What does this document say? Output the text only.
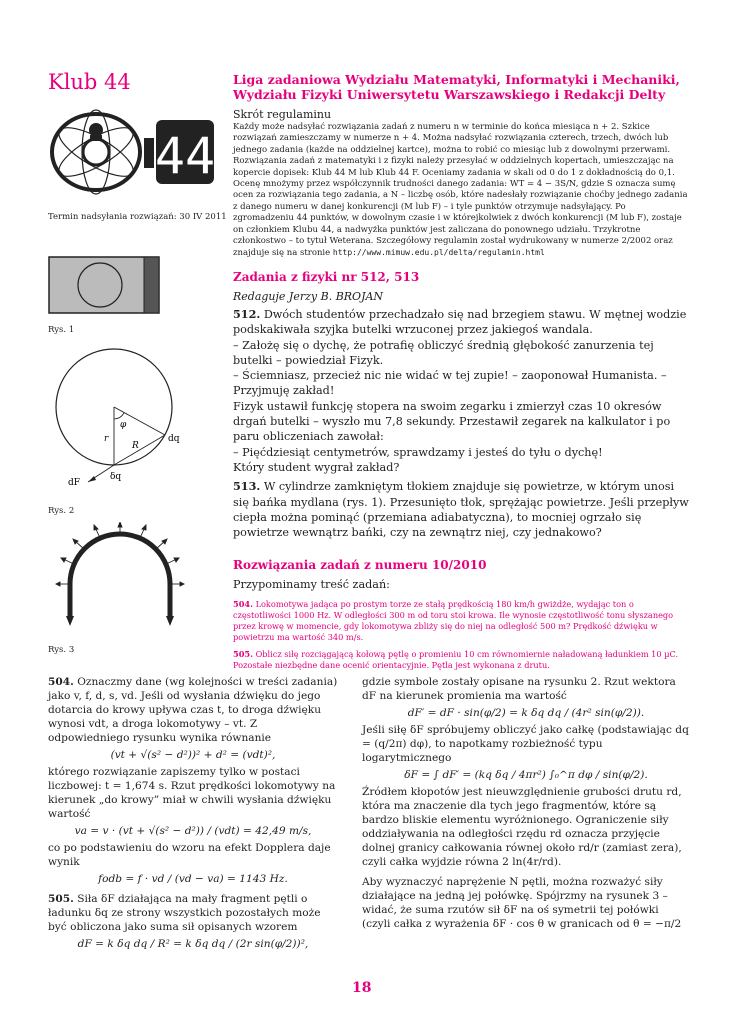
Klub 44
44
Termin nadsyłania rozwiązań: 30 IV 2011
Liga zadaniowa Wydziału Matematyki, Informatyki i Mechaniki,
Wydziału Fizyki Uniwersytetu Warszawskiego i Redakcji Delty
Skrót regulaminu
Każdy może nadsyłać rozwiązania zadań z numeru n w terminie do końca miesiąca n + 2. Szkice rozwiązań zamieszczamy w numerze n + 4. Można nadsyłać rozwiązania czterech, trzech, dwóch lub jednego zadania (każde na oddzielnej kartce), można to robić co miesiąc lub z dowolnymi przerwami. Rozwiązania zadań z matematyki i z fizyki należy przesyłać w oddzielnych kopertach, umieszczając na kopercie dopisek: Klub 44 M lub Klub 44 F. Oceniamy zadania w skali od 0 do 1 z dokładnością do 0,1. Ocenę mnożymy przez współczynnik trudności danego zadania: WT = 4 − 3S/N, gdzie S oznacza sumę ocen za rozwiązania tego zadania, a N – liczbę osób, które nadesłały rozwiązanie choćby jednego zadania z danego numeru w danej konkurencji (M lub F) – i tyle punktów otrzymuje nadsyłający. Po zgromadzeniu 44 punktów, w dowolnym czasie i w którejkolwiek z dwóch konkurencji (M lub F), zostaje on członkiem Klubu 44, a nadwyżka punktów jest zaliczana do ponownego udziału. Trzykrotne członkostwo – to tytuł Weterana. Szczegółowy regulamin został wydrukowany w numerze 2/2002 oraz znajduje się na stronie http://www.mimuw.edu.pl/delta/regulamin.html
Rys. 1
φ
r
R
dq
dF
δq
Rys. 2
Rys. 3
Zadania z fizyki nr 512, 513
Redaguje Jerzy B. BROJAN

512. Dwóch studentów przechadzało się nad brzegiem stawu. W mętnej wodzie podskakiwała szyjka butelki wrzuconej przez jakiegoś wandala.

– Założę się o dychę, że potrafię obliczyć średnią głębokość zanurzenia tej butelki – powiedział Fizyk.

– Ściemniasz, przecież nic nie widać w tej zupie! – zaoponował Humanista. – Przyjmuję zakład!

Fizyk ustawił funkcję stopera na swoim zegarku i zmierzył czas 10 okresów drgań butelki – wyszło mu 7,8 sekundy. Przestawił zegarek na kalkulator i po paru obliczeniach zawołał:

– Pięćdziesiąt centymetrów, sprawdzamy i jesteś do tyłu o dychę!

Który student wygrał zakład?

513. W cylindrze zamkniętym tłokiem znajduje się powietrze, w którym unosi się bańka mydlana (rys. 1). Przesunięto tłok, sprężając powietrze. Jeśli przepływ ciepła można pominąć (przemiana adiabatyczna), to mocniej ogrzało się powietrze wewnątrz bańki, czy na zewnątrz niej, czy jednakowo?

Rozwiązania zadań z numeru 10/2010
Przypominamy treść zadań:

504. Lokomotywa jadąca po prostym torze ze stałą prędkością 180 km/h gwiżdże, wydając ton o częstotliwości 1000 Hz. W odległości 300 m od toru stoi krowa. Ile wynosie częstotliwość tonu słyszanego przez krowę w momencie, gdy lokomotywa zbliży się do niej na odległość 500 m? Prędkość dźwięku w powietrzu ma wartość 340 m/s.

505. Oblicz siłę rozciągającą kołową pętlę o promieniu 10 cm równomiernie naładowaną ładunkiem 10 µC. Pozostałe niezbędne dane ocenić orientacyjnie. Pętla jest wykonana z drutu.

504. Oznaczmy dane (wg kolejności w treści zadania) jako v, f, d, s, vd. Jeśli od wysłania dźwięku do jego dotarcia do krowy upływa czas t, to droga dźwięku wynosi vdt, a droga lokomotywy – vt. Z odpowiedniego rysunku wynika równanie

(vt + √(s² − d²))² + d² = (vdt)²,

którego rozwiązanie zapiszemy tylko w postaci liczbowej: t = 1,674 s. Rzut prędkości lokomotywy na kierunek „do krowy” miał w chwili wysłania dźwięku wartość

va = v · (vt + √(s² − d²)) / (vdt) = 42,49 m/s,

co po podstawieniu do wzoru na efekt Dopplera daje wynik

fodb = f · vd / (vd − va) = 1143 Hz.

505. Siła δF działająca na mały fragment pętli o ładunku δq ze strony wszystkich pozostałych może być obliczona jako suma sił opisanych wzorem

dF = k δq dq / R² = k δq dq / (2r sin(φ/2))²,

gdzie symbole zostały opisane na rysunku 2. Rzut wektora dF na kierunek promienia ma wartość

dF′ = dF · sin(φ/2) = k δq dq / (4r² sin(φ/2)).

Jeśli siłę δF spróbujemy obliczyć jako całkę (podstawiając dq = (q/2π) dφ), to napotkamy rozbieżność typu logarytmicznego

δF = ∫ dF′ = (kq δq / 4πr²) ∫₀^π dφ / sin(φ/2).

Źródłem kłopotów jest nieuwzględnienie grubości drutu rd, która ma znaczenie dla tych jego fragmentów, które są bardzo bliskie elementu wyróżnionego. Ograniczenie siły oddziaływania na odległości rzędu rd oznacza przyjęcie dolnej granicy całkowania równej około rd/r (zamiast zera), czyli całka wyjdzie równa 2 ln(4r/rd).

Aby wyznaczyć naprężenie N pętli, można rozważyć siły działające na jedną jej połówkę. Spójrzmy na rysunek 3 – widać, że suma rzutów sił δF na oś symetrii tej połówki (czyli całka z wyrażenia δF · cos θ w granicach od θ = −π/2

18
